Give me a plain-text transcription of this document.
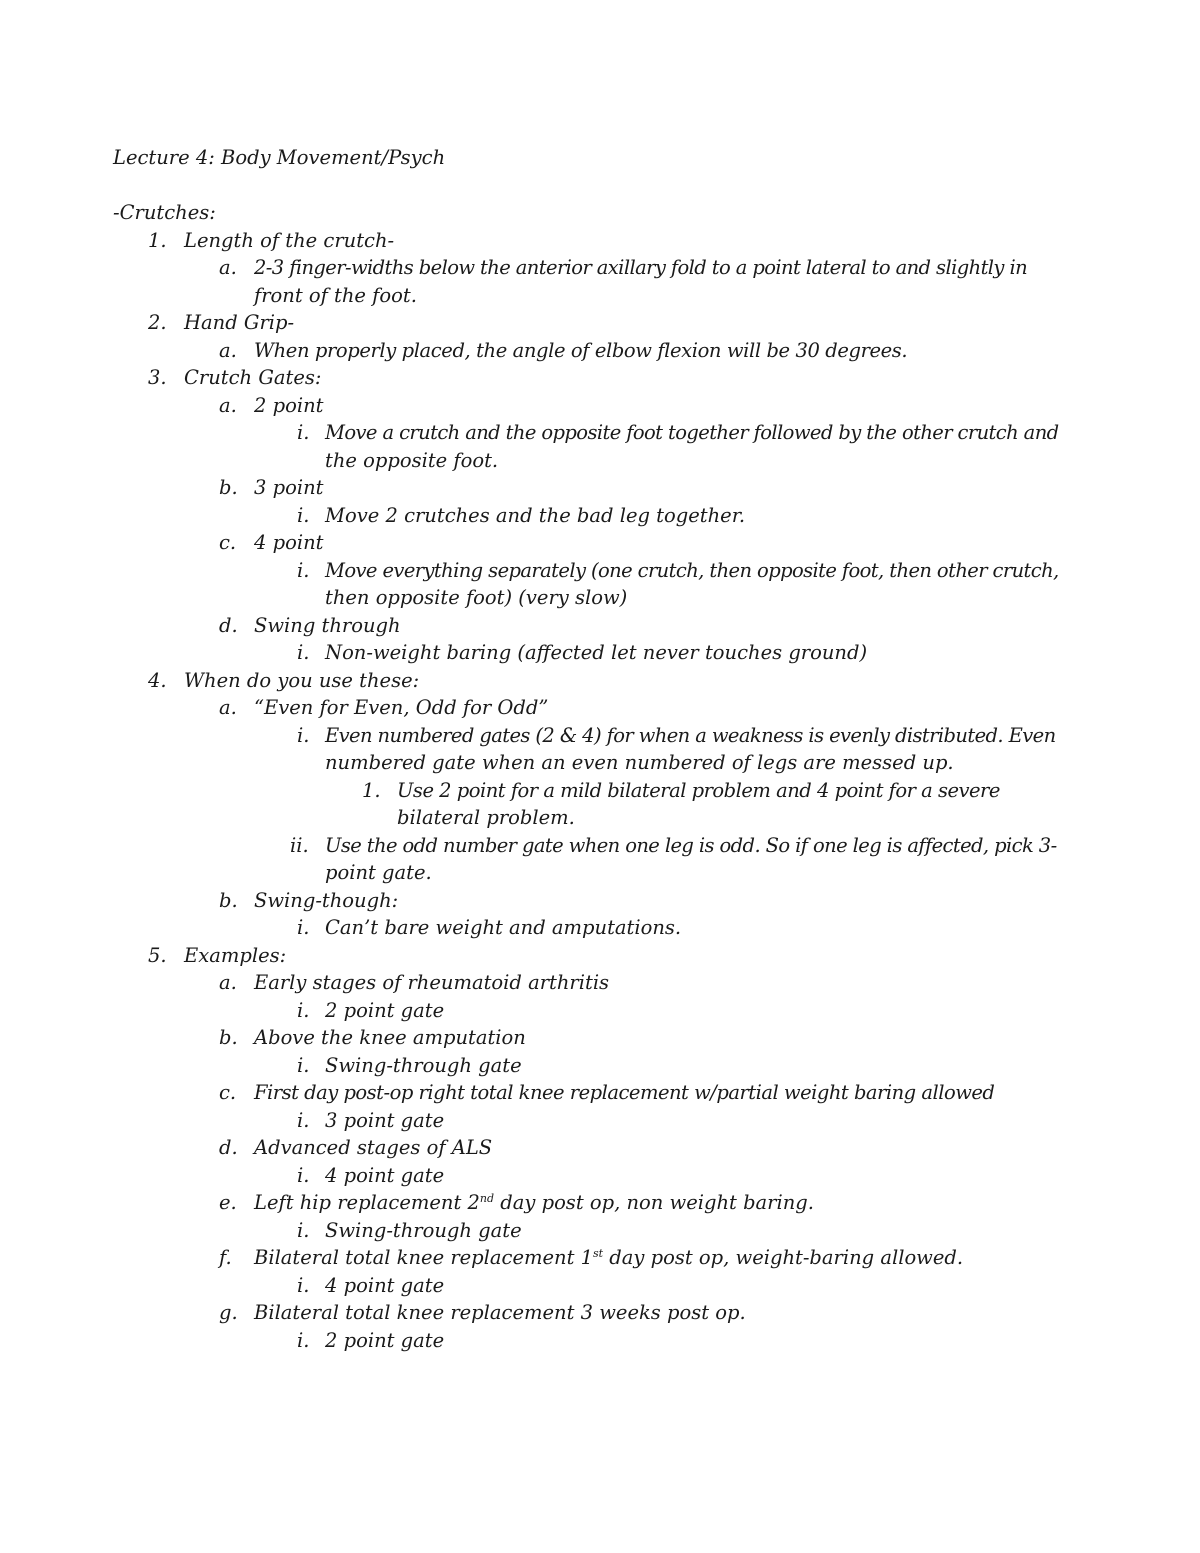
Lecture 4: Body Movement/Psych
-Crutches:
1. Length of the crutch-
a. 2-3 finger-widths below the anterior axillary fold to a point lateral to and slightly in
front of the foot.
2. Hand Grip-
a. When properly placed, the angle of elbow flexion will be 30 degrees.
3. Crutch Gates:
a. 2 point
i. Move a crutch and the opposite foot together followed by the other crutch and
the opposite foot.
b. 3 point
i. Move 2 crutches and the bad leg together.
c. 4 point
i. Move everything separately (one crutch, then opposite foot, then other crutch,
then opposite foot) (very slow)
d. Swing through
i. Non-weight baring (affected let never touches ground)
4. When do you use these:
a. “Even for Even, Odd for Odd”
i. Even numbered gates (2 & 4) for when a weakness is evenly distributed. Even
numbered gate when an even numbered of legs are messed up.
1. Use 2 point for a mild bilateral problem and 4 point for a severe
bilateral problem.
ii. Use the odd number gate when one leg is odd. So if one leg is affected, pick 3-
point gate.
b. Swing-though:
i. Can’t bare weight and amputations.
5. Examples:
a. Early stages of rheumatoid arthritis
i. 2 point gate
b. Above the knee amputation
i. Swing-through gate
c. First day post-op right total knee replacement w/partial weight baring allowed
i. 3 point gate
d. Advanced stages of ALS
i. 4 point gate
e. Left hip replacement 2nd day post op, non weight baring.
i. Swing-through gate
f. Bilateral total knee replacement 1st day post op, weight-baring allowed.
i. 4 point gate
g. Bilateral total knee replacement 3 weeks post op.
i. 2 point gate
